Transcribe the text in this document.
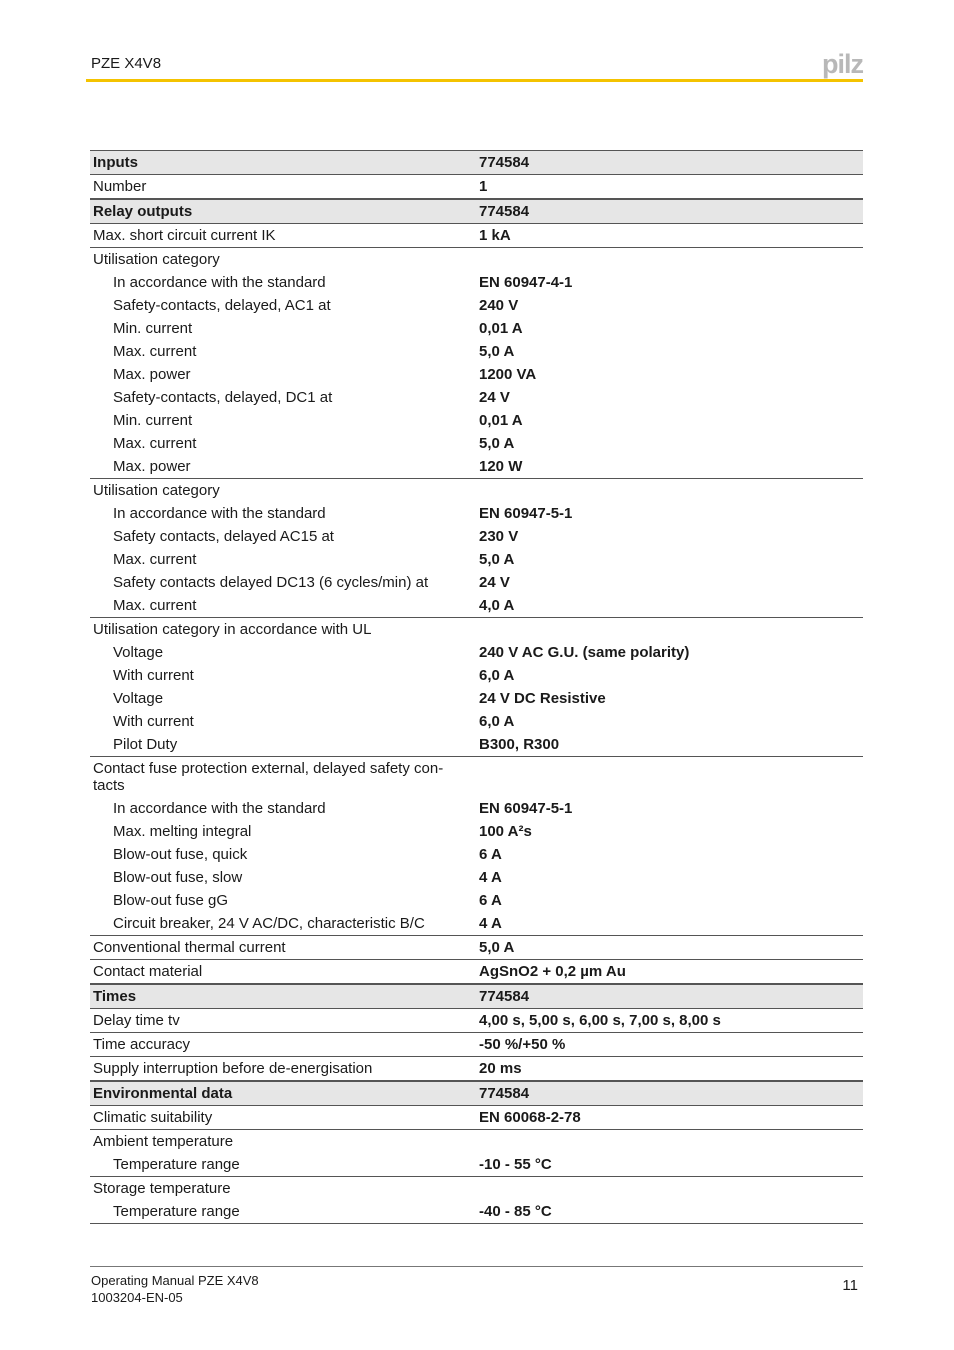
PZE X4V8	pilz
Inputs	774584
Number	1
Relay outputs	774584
Max. short circuit current IK	1 kA
Utilisation category
In accordance with the standard	EN 60947-4-1
Safety-contacts, delayed, AC1 at	240 V
Min. current	0,01 A
Max. current	5,0 A
Max. power	1200 VA
Safety-contacts, delayed, DC1 at	24 V
Min. current	0,01 A
Max. current	5,0 A
Max. power	120 W
Utilisation category
In accordance with the standard	EN 60947-5-1
Safety contacts, delayed AC15 at	230 V
Max. current	5,0 A
Safety contacts delayed DC13 (6 cycles/min) at	24 V
Max. current	4,0 A
Utilisation category in accordance with UL
Voltage	240 V AC G.U. (same polarity)
With current	6,0 A
Voltage	24 V DC Resistive
With current	6,0 A
Pilot Duty	B300, R300
Contact fuse protection external, delayed safety con-
tacts
In accordance with the standard	EN 60947-5-1
Max. melting integral	100 A²s
Blow-out fuse, quick	6 A
Blow-out fuse, slow	4 A
Blow-out fuse gG	6 A
Circuit breaker, 24 V AC/DC, characteristic B/C	4 A
Conventional thermal current	5,0 A
Contact material	AgSnO2 + 0,2 µm Au
Times	774584
Delay time tv	4,00 s, 5,00 s, 6,00 s, 7,00 s, 8,00 s
Time accuracy	-50 %/+50 %
Supply interruption before de-energisation	20 ms
Environmental data	774584
Climatic suitability	EN 60068-2-78
Ambient temperature
Temperature range	-10 - 55 °C
Storage temperature
Temperature range	-40 - 85 °C
Operating Manual PZE X4V8
1003204-EN-05
11
